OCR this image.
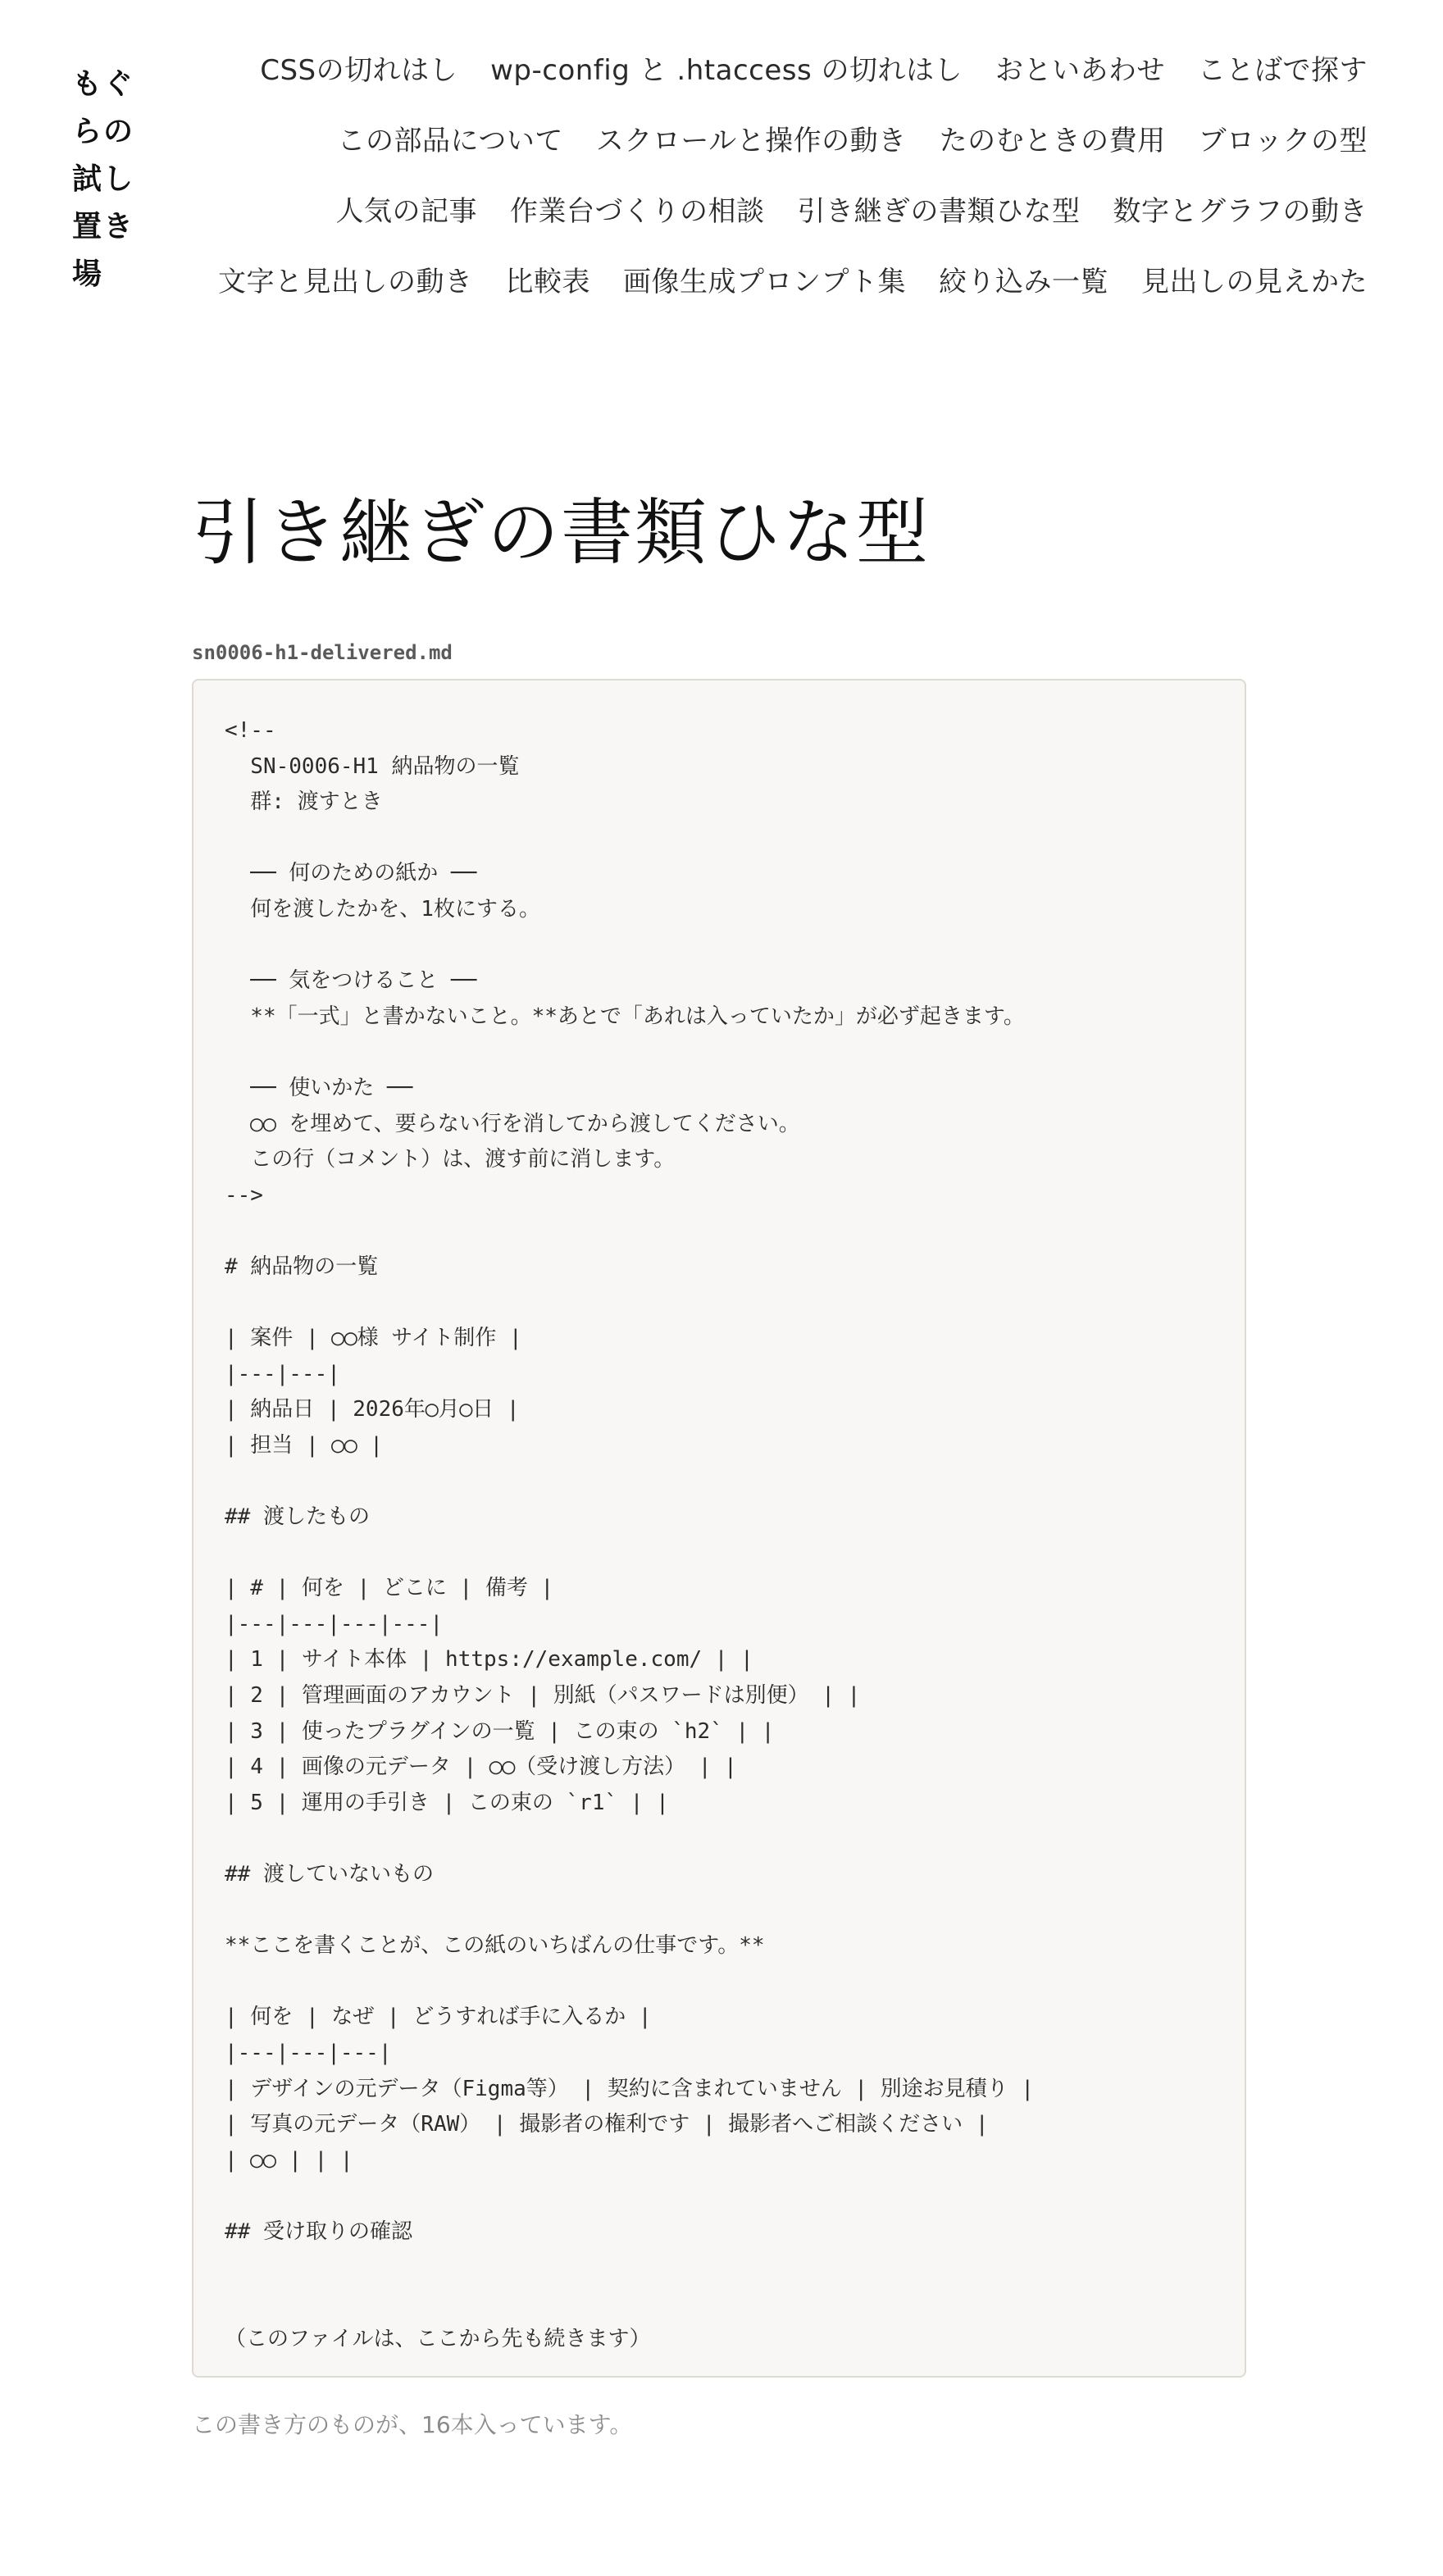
もぐらの試し置き場
CSSの切れはし wp-config と .htaccess の切れはし おといあわせ ことばで探す
この部品について スクロールと操作の動き たのむときの費用 ブロックの型
人気の記事 作業台づくりの相談 引き継ぎの書類ひな型 数字とグラフの動き
文字と見出しの動き 比較表 画像生成プロンプト集 絞り込み一覧 見出しの見えかた
引き継ぎの書類ひな型
sn0006-h1-delivered.md
<!--
SN-0006-H1 納品物の一覧
群: 渡すとき
── 何のための紙か ──
何を渡したかを、1枚にする。
── 気をつけること ──
**「一式」と書かないこと。**あとで「あれは入っていたか」が必ず起きます。
── 使いかた ──
◯◯ を埋めて、要らない行を消してから渡してください。
この行（コメント）は、渡す前に消します。
-->
# 納品物の一覧
| 案件 | ◯◯様 サイト制作 |
|---|---|
| 納品日 | 2026年◯月◯日 |
| 担当 | ◯◯ |
## 渡したもの
| # | 何を | どこに | 備考 |
|---|---|---|---|
| 1 | サイト本体 | https://example.com/ | |
| 2 | 管理画面のアカウント | 別紙（パスワードは別便） | |
| 3 | 使ったプラグインの一覧 | この束の `h2` | |
| 4 | 画像の元データ | ◯◯（受け渡し方法） | |
| 5 | 運用の手引き | この束の `r1` | |
## 渡していないもの
**ここを書くことが、この紙のいちばんの仕事です。**
| 何を | なぜ | どうすれば手に入るか |
|---|---|---|
| デザインの元データ（Figma等） | 契約に含まれていません | 別途お見積り |
| 写真の元データ（RAW） | 撮影者の権利です | 撮影者へご相談ください |
| ◯◯ | | |
## 受け取りの確認
（このファイルは、ここから先も続きます）

この書き方のものが、16本入っています。
